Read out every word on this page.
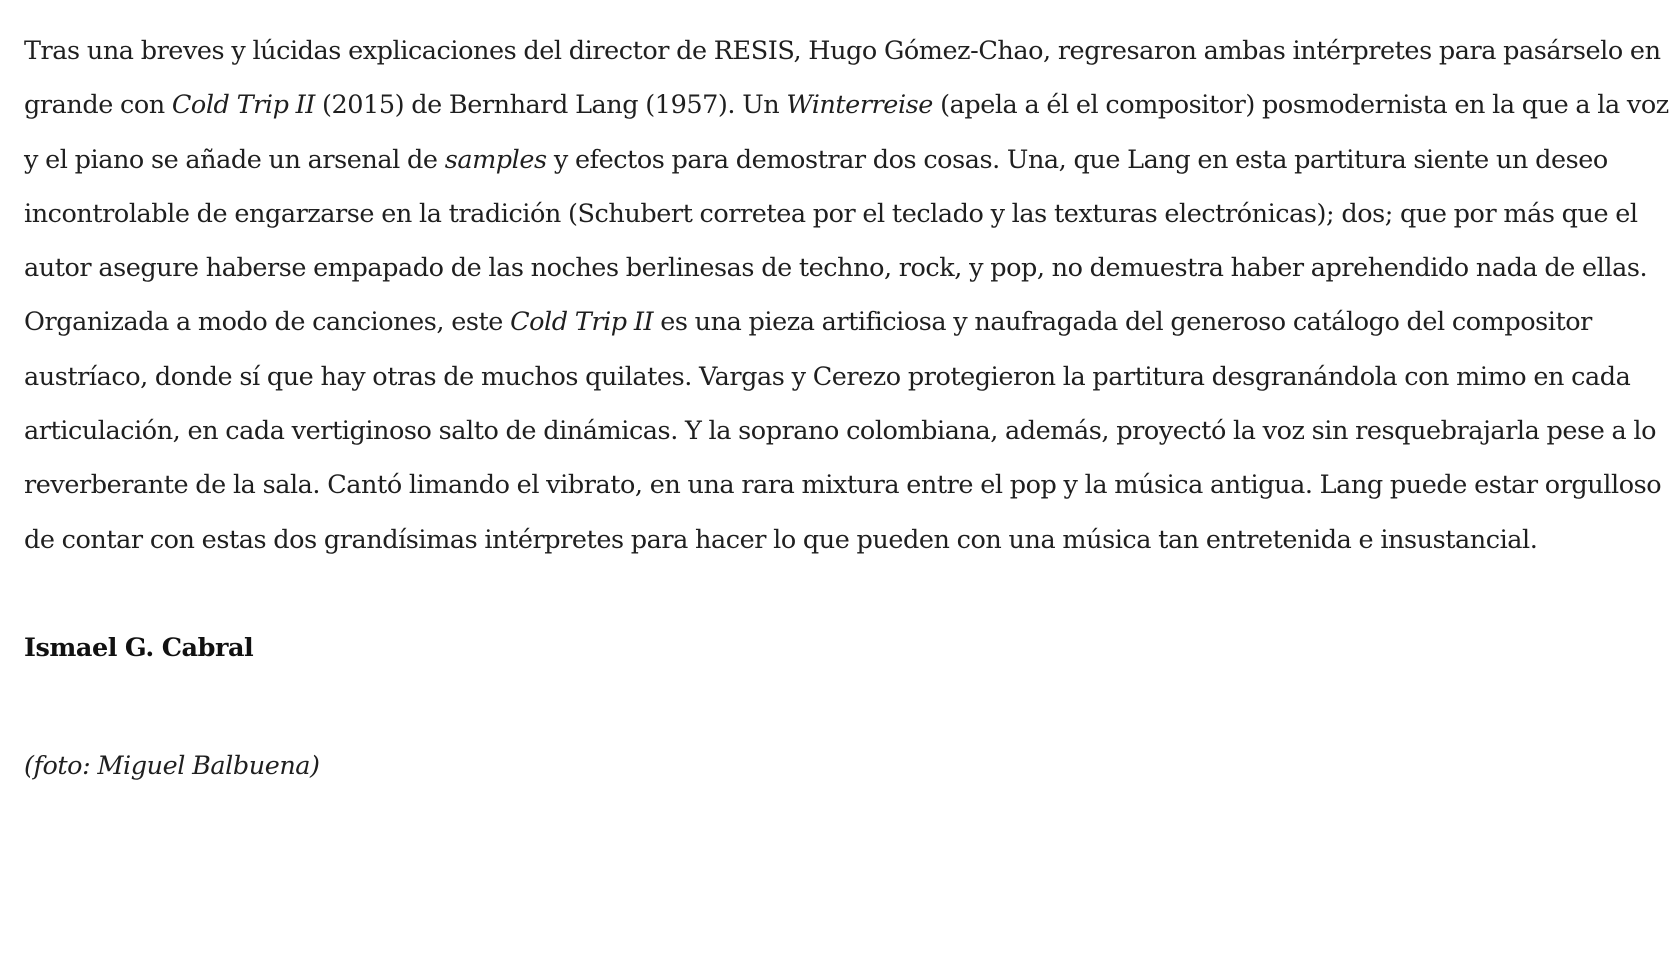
Tras una breves y lúcidas explicaciones del director de RESIS, Hugo Gómez-Chao, regresaron ambas intérpretes para pasárselo en grande con Cold Trip II (2015) de Bernhard Lang (1957). Un Winterreise (apela a él el compositor) posmodernista en la que a la voz y el piano se añade un arsenal de samples y efectos para demostrar dos cosas. Una, que Lang en esta partitura siente un deseo incontrolable de engarzarse en la tradición (Schubert corretea por el teclado y las texturas electrónicas); dos; que por más que el autor asegure haberse empapado de las noches berlinesas de techno, rock, y pop, no demuestra haber aprehendido nada de ellas. Organizada a modo de canciones, este Cold Trip II es una pieza artificiosa y naufragada del generoso catálogo del compositor austríaco, donde sí que hay otras de muchos quilates. Vargas y Cerezo protegieron la partitura desgranándola con mimo en cada articulación, en cada vertiginoso salto de dinámicas. Y la soprano colombiana, además, proyectó la voz sin resquebrajarla pese a lo reverberante de la sala. Cantó limando el vibrato, en una rara mixtura entre el pop y la música antigua. Lang puede estar orgulloso de contar con estas dos grandísimas intérpretes para hacer lo que pueden con una música tan entretenida e insustancial.

Ismael G. Cabral

(foto: Miguel Balbuena)
